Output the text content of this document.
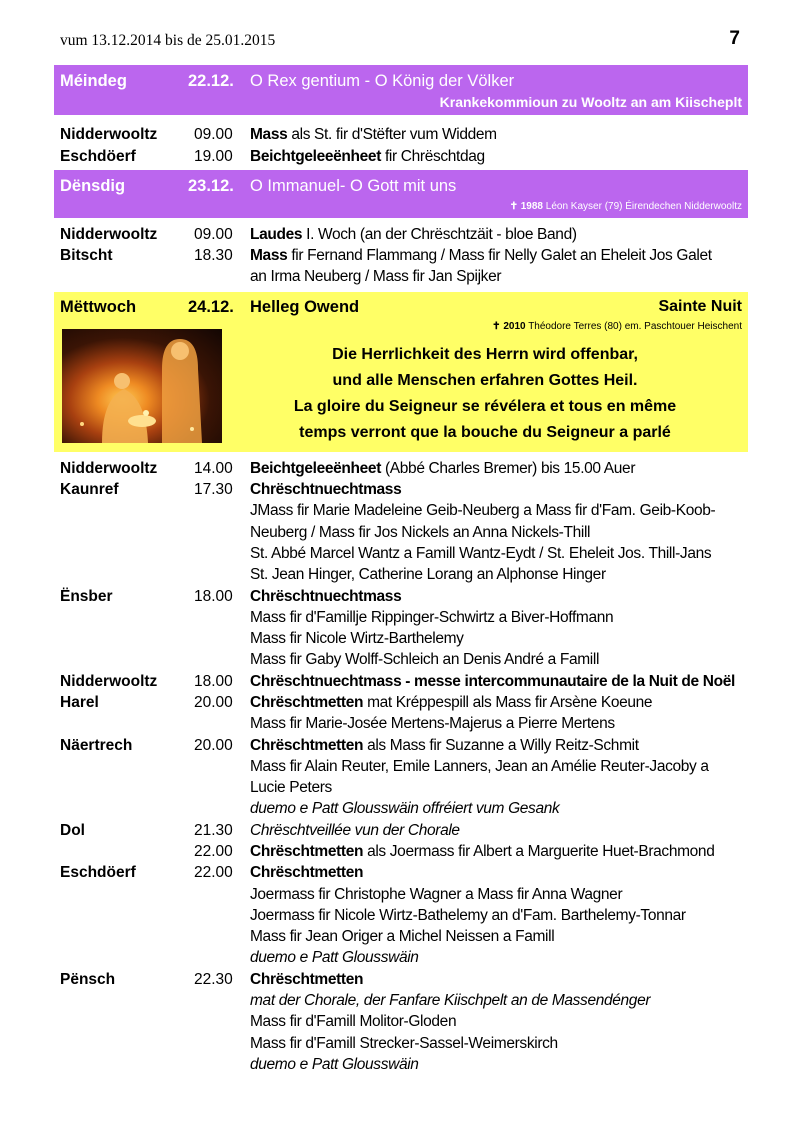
vum 13.12.2014 bis de 25.01.2015	7
Méindeg	22.12. O Rex gentium - O König der Völker
Krankekommioun zu Wooltz an am Kiischeplt
Dënsdig	23.12. O Immanuel- O Gott mit uns
✝ 1988 Léon Kayser (79) Éirendechen Nidderwooltz
Mëttwoch	24.12. Helleg Owend	Sainte Nuit
✝ 2010 Théodore Terres (80) em. Paschtouer Heischent
Die Herrlichkeit des Herrn wird offenbar,
und alle Menschen erfahren Gottes Heil.
La gloire du Seigneur se révélera et tous en même
temps verront que la bouche du Seigneur a parlé
Nidderwooltz 09.00 Mass als St. fir d'Stëfter vum Widdem
Eschdöerf	19.00 Beichtgeleeënheet fir Chrëschtdag
Nidderwooltz 09.00 Laudes I. Woch (an der Chrëschtzäit - bloe Band)
Bitscht	18.30 Mass fir Fernand Flammang / Mass fir Nelly Galet an Eheleit Jos Galet
an Irma Neuberg / Mass fir Jan Spijker
Nidderwooltz 14.00 Beichtgeleeënheet (Abbé Charles Bremer) bis 15.00 Auer
Kaunref	17.30 Chrëschtnuechtmass
JMass fir Marie Madeleine Geib-Neuberg a Mass fir d'Fam. Geib-Koob-
Neuberg / Mass fir Jos Nickels an Anna Nickels-Thill
St. Abbé Marcel Wantz a Famill Wantz-Eydt / St. Eheleit Jos. Thill-Jans
St. Jean Hinger, Catherine Lorang an Alphonse Hinger
Ënsber	18.00 Chrëschtnuechtmass
Mass fir d'Famillje Rippinger-Schwirtz a Biver-Hoffmann
Mass fir Nicole Wirtz-Barthelemy
Mass fir Gaby Wolff-Schleich an Denis André a Famill
Nidderwooltz 18.00 Chrëschtnuechtmass - messe intercommunautaire de la Nuit de Noël
Harel	20.00 Chrëschtmetten mat Kréppespill als Mass fir Arsène Koeune
Mass fir Marie-Josée Mertens-Majerus a Pierre Mertens
Näertrech	20.00 Chrëschtmetten als Mass fir Suzanne a Willy Reitz-Schmit
Mass fir Alain Reuter, Emile Lanners, Jean an Amélie Reuter-Jacoby a
Lucie Peters
duemo e Patt Glousswäin offréiert vum Gesank
Dol	21.30 Chrëschtveillée vun der Chorale
22.00 Chrëschtmetten als Joermass fir Albert a Marguerite Huet-Brachmond
Eschdöerf	22.00 Chrëschtmetten
Joermass fir Christophe Wagner a Mass fir Anna Wagner
Joermass fir Nicole Wirtz-Bathelemy an d'Fam. Barthelemy-Tonnar
Mass fir Jean Origer a Michel Neissen a Famill
duemo e Patt Glousswäin
Pënsch	22.30 Chrëschtmetten
mat der Chorale, der Fanfare Kiischpelt an de Massendénger
Mass fir d'Famill Molitor-Gloden
Mass fir d'Famill Strecker-Sassel-Weimerskirch
duemo e Patt Glousswäin
